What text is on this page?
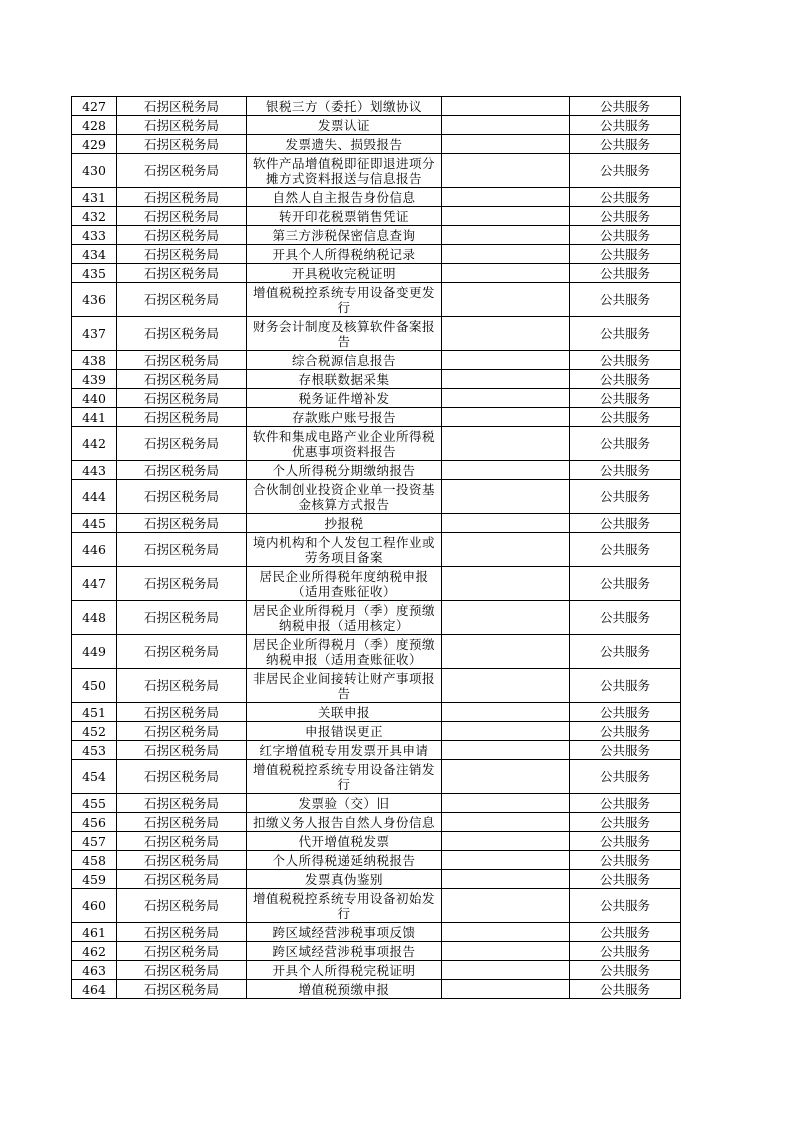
427	石拐区税务局	银税三方（委托）划缴协议		公共服务
428	石拐区税务局	发票认证		公共服务
429	石拐区税务局	发票遗失、损毁报告		公共服务
430	石拐区税务局	软件产品增值税即征即退进项分摊方式资料报送与信息报告		公共服务
431	石拐区税务局	自然人自主报告身份信息		公共服务
432	石拐区税务局	转开印花税票销售凭证		公共服务
433	石拐区税务局	第三方涉税保密信息查询		公共服务
434	石拐区税务局	开具个人所得税纳税记录		公共服务
435	石拐区税务局	开具税收完税证明		公共服务
436	石拐区税务局	增值税税控系统专用设备变更发行		公共服务
437	石拐区税务局	财务会计制度及核算软件备案报告		公共服务
438	石拐区税务局	综合税源信息报告		公共服务
439	石拐区税务局	存根联数据采集		公共服务
440	石拐区税务局	税务证件增补发		公共服务
441	石拐区税务局	存款账户账号报告		公共服务
442	石拐区税务局	软件和集成电路产业企业所得税优惠事项资料报告		公共服务
443	石拐区税务局	个人所得税分期缴纳报告		公共服务
444	石拐区税务局	合伙制创业投资企业单一投资基金核算方式报告		公共服务
445	石拐区税务局	抄报税		公共服务
446	石拐区税务局	境内机构和个人发包工程作业或劳务项目备案		公共服务
447	石拐区税务局	居民企业所得税年度纳税申报（适用查账征收）		公共服务
448	石拐区税务局	居民企业所得税月（季）度预缴纳税申报（适用核定）		公共服务
449	石拐区税务局	居民企业所得税月（季）度预缴纳税申报（适用查账征收）		公共服务
450	石拐区税务局	非居民企业间接转让财产事项报告		公共服务
451	石拐区税务局	关联申报		公共服务
452	石拐区税务局	申报错误更正		公共服务
453	石拐区税务局	红字增值税专用发票开具申请		公共服务
454	石拐区税务局	增值税税控系统专用设备注销发行		公共服务
455	石拐区税务局	发票验（交）旧		公共服务
456	石拐区税务局	扣缴义务人报告自然人身份信息		公共服务
457	石拐区税务局	代开增值税发票		公共服务
458	石拐区税务局	个人所得税递延纳税报告		公共服务
459	石拐区税务局	发票真伪鉴别		公共服务
460	石拐区税务局	增值税税控系统专用设备初始发行		公共服务
461	石拐区税务局	跨区域经营涉税事项反馈		公共服务
462	石拐区税务局	跨区域经营涉税事项报告		公共服务
463	石拐区税务局	开具个人所得税完税证明		公共服务
464	石拐区税务局	增值税预缴申报		公共服务
